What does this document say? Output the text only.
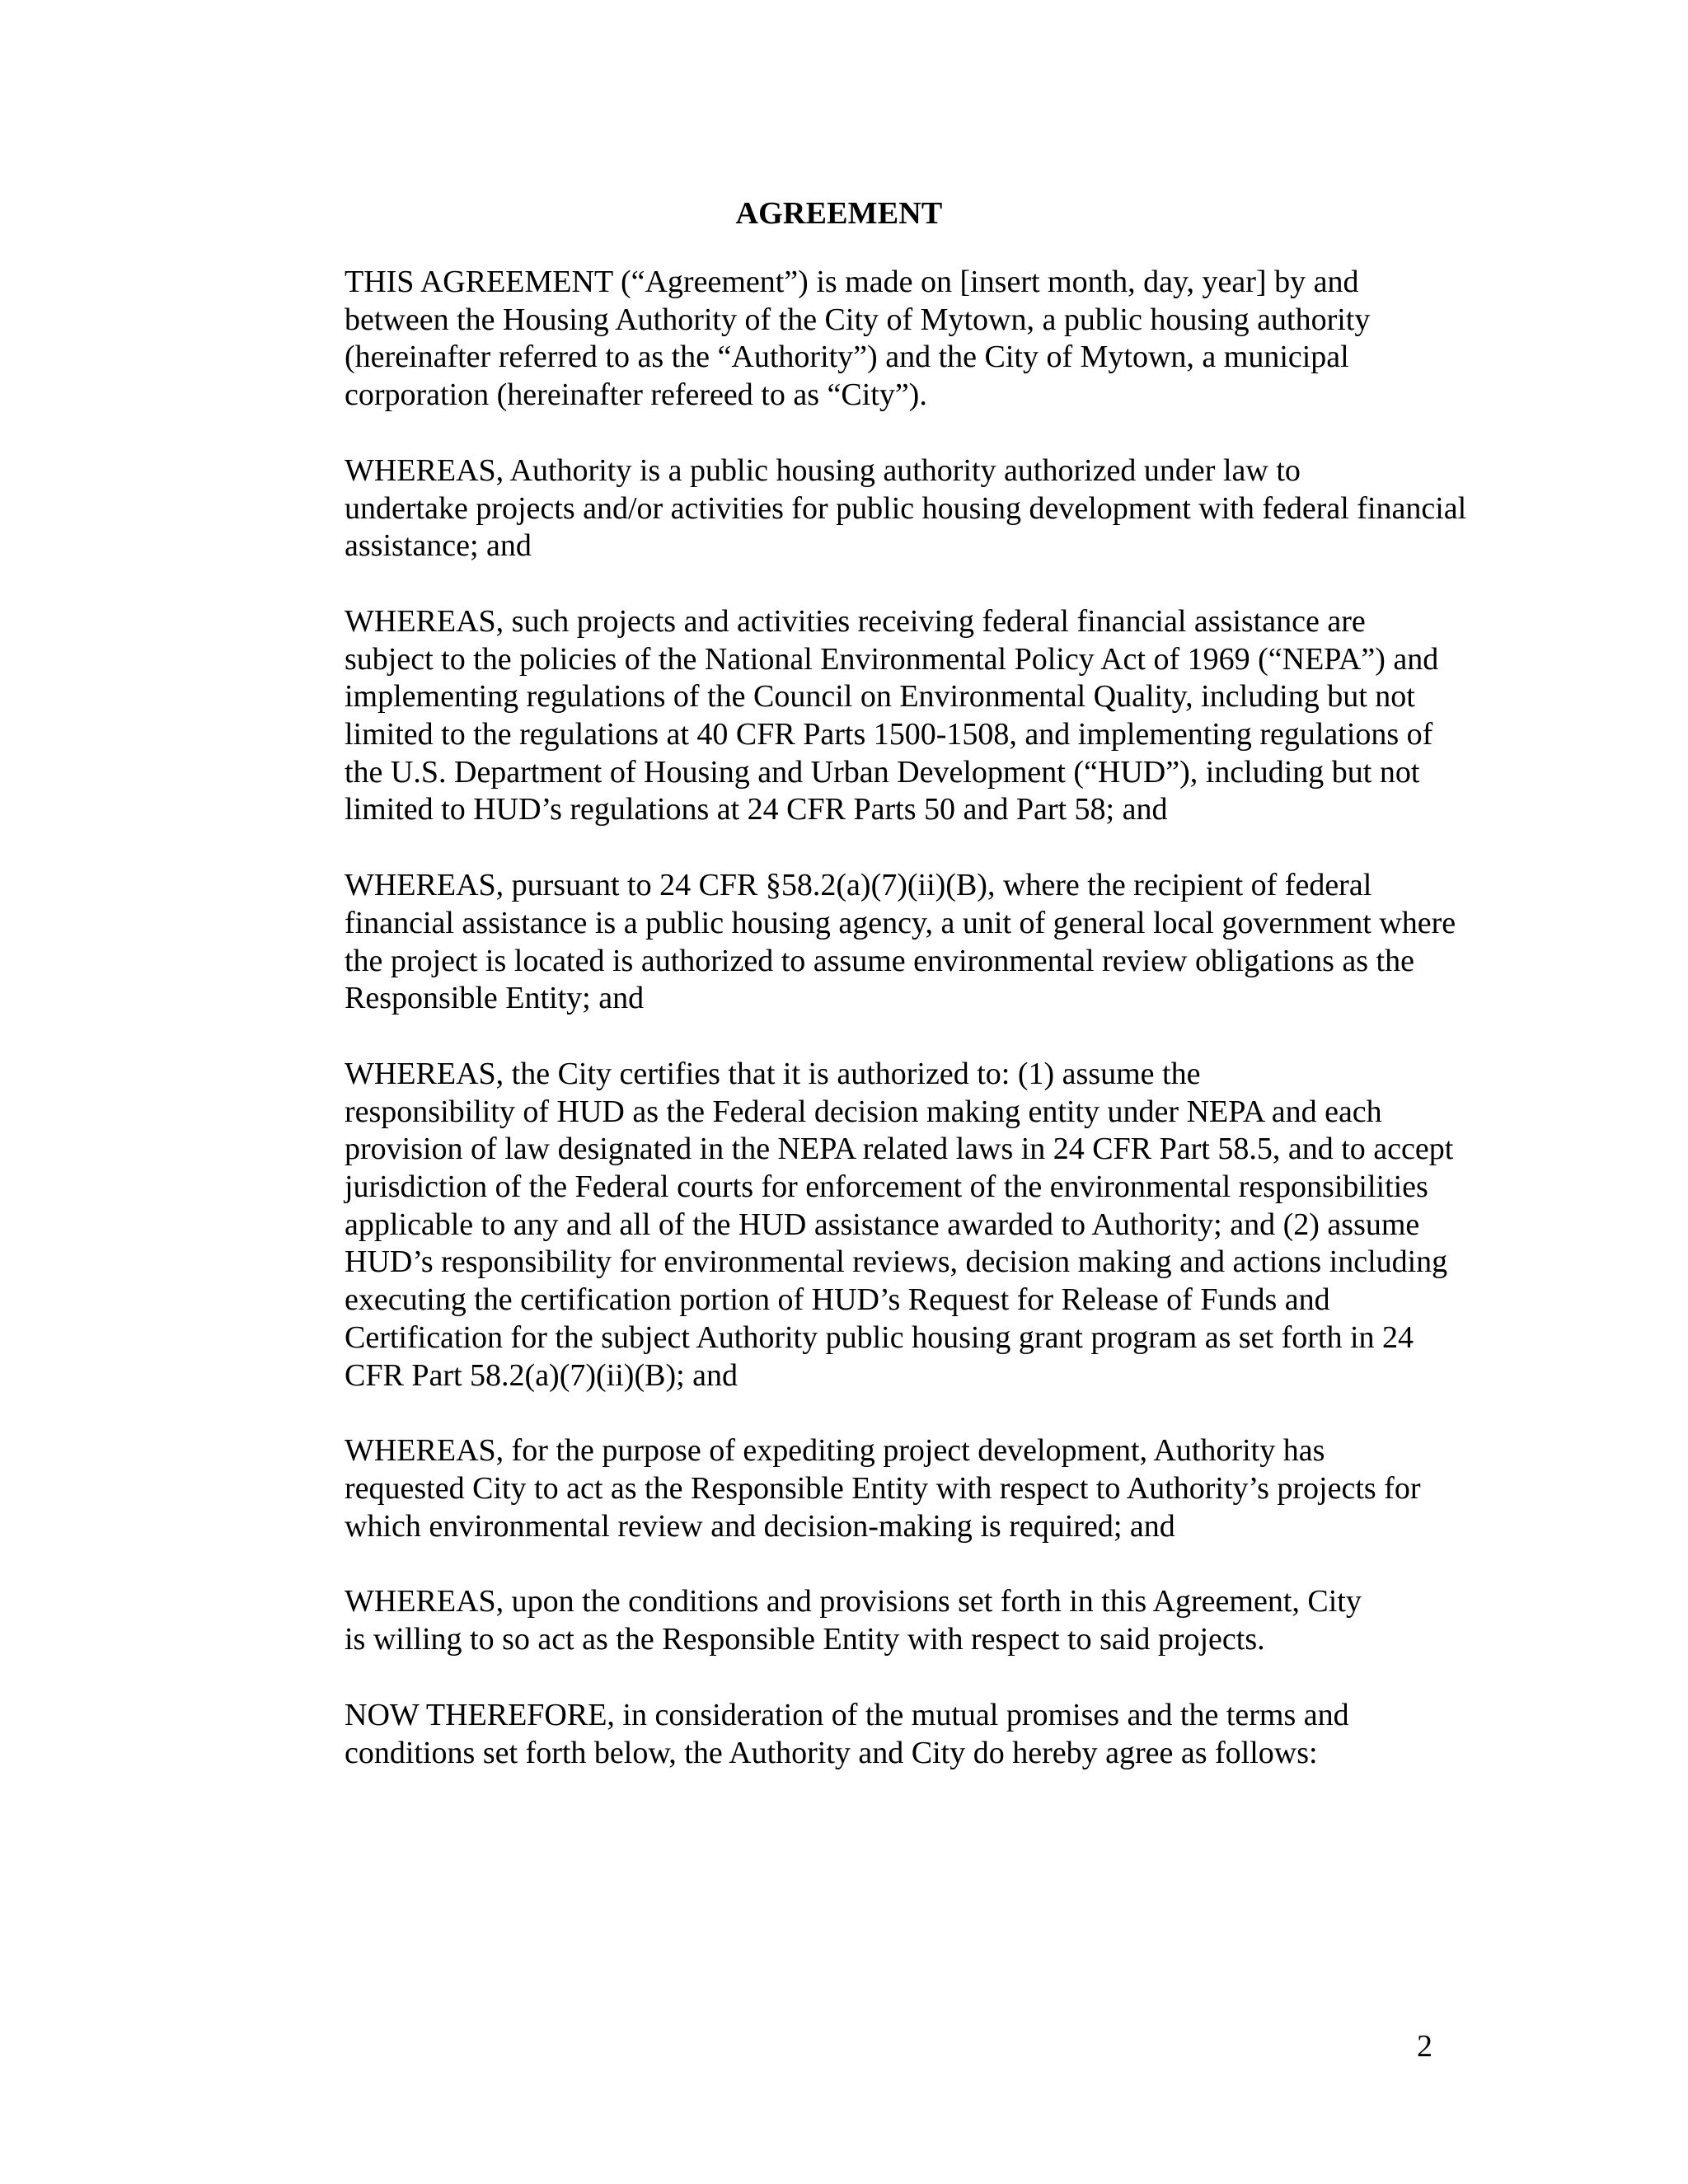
AGREEMENT
THIS AGREEMENT (“Agreement”) is made on [insert month, day, year] by and
between the Housing Authority of the City of Mytown, a public housing authority
(hereinafter referred to as the “Authority”) and the City of Mytown, a municipal
corporation (hereinafter refereed to as “City”).
WHEREAS, Authority is a public housing authority authorized under law to
undertake projects and/or activities for public housing development with federal financial
assistance; and
WHEREAS, such projects and activities receiving federal financial assistance are
subject to the policies of the National Environmental Policy Act of 1969 (“NEPA”) and
implementing regulations of the Council on Environmental Quality, including but not
limited to the regulations at 40 CFR Parts 1500-1508, and implementing regulations of
the U.S. Department of Housing and Urban Development (“HUD”), including but not
limited to HUD’s regulations at 24 CFR Parts 50 and Part 58; and
WHEREAS, pursuant to 24 CFR §58.2(a)(7)(ii)(B), where the recipient of federal
financial assistance is a public housing agency, a unit of general local government where
the project is located is authorized to assume environmental review obligations as the
Responsible Entity; and
WHEREAS, the City certifies that it is authorized to: (1) assume the
responsibility of HUD as the Federal decision making entity under NEPA and each
provision of law designated in the NEPA related laws in 24 CFR Part 58.5, and to accept
jurisdiction of the Federal courts for enforcement of the environmental responsibilities
applicable to any and all of the HUD assistance awarded to Authority; and (2) assume
HUD’s responsibility for environmental reviews, decision making and actions including
executing the certification portion of HUD’s Request for Release of Funds and
Certification for the subject Authority public housing grant program as set forth in 24
CFR Part 58.2(a)(7)(ii)(B); and
WHEREAS, for the purpose of expediting project development, Authority has
requested City to act as the Responsible Entity with respect to Authority’s projects for
which environmental review and decision-making is required; and
WHEREAS, upon the conditions and provisions set forth in this Agreement, City
is willing to so act as the Responsible Entity with respect to said projects.
NOW THEREFORE, in consideration of the mutual promises and the terms and
conditions set forth below, the Authority and City do hereby agree as follows:
2
